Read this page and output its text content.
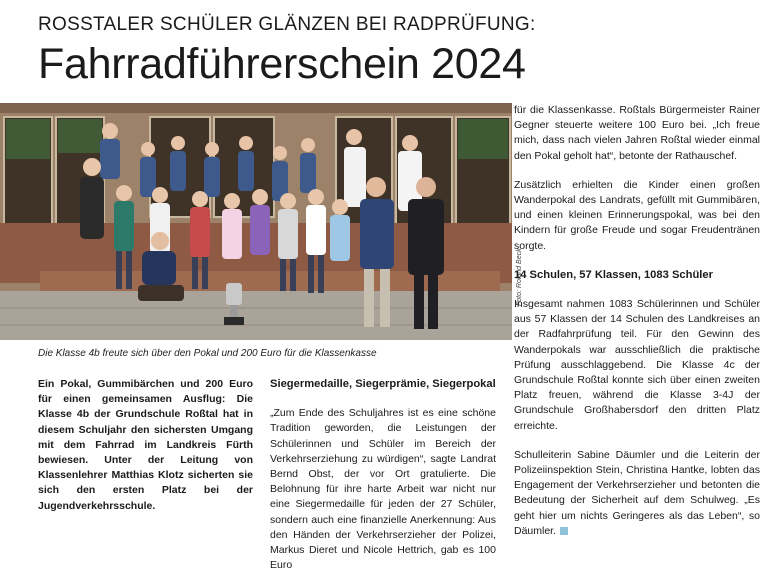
ROSSTALER SCHÜLER GLÄNZEN BEI RADPRÜFUNG:
Fahrradführerschein 2024
Foto: Roland Beck
Die Klasse 4b freute sich über den Pokal und 200 Euro für die Klassenkasse
Ein Pokal, Gummibärchen und 200 Euro für einen gemeinsamen Ausflug: Die Klasse 4b der Grundschule Roßtal hat in diesem Schuljahr den sichersten Umgang mit dem Fahrrad im Landkreis Fürth bewiesen. Unter der Leitung von Klassenlehrer Matthias Klotz sicherten sie sich den ersten Platz bei der Jugendverkehrsschule.

Siegermedaille, Siegerprämie, Siegerpokal

„Zum Ende des Schuljahres ist es eine schöne Tradition geworden, die Leistungen der Schülerinnen und Schüler im Bereich der Verkehrserziehung zu würdigen“, sagte Landrat Bernd Obst, der vor Ort gratulierte. Die Belohnung für ihre harte Arbeit war nicht nur eine Siegermedaille für jeden der 27 Schüler, sondern auch eine finanzielle Anerkennung: Aus den Händen der Verkehrserzieher der Polizei, Markus Dieret und Nicole Hettrich, gab es 100 Euro

für die Klassenkasse. Roßtals Bürgermeister Rainer Gegner steuerte weitere 100 Euro bei. „Ich freue mich, dass nach vielen Jahren Roßtal wieder einmal den Pokal geholt hat“, betonte der Rathauschef.

Zusätzlich erhielten die Kinder einen großen Wanderpokal des Landrats, gefüllt mit Gummibären, und einen kleinen Erinnerungspokal, was bei den Kindern für große Freude und sogar Freudentränen sorgte.

14 Schulen, 57 Klassen, 1083 Schüler

Insgesamt nahmen 1083 Schülerinnen und Schüler aus 57 Klassen der 14 Schulen des Landkreises an der Radfahrprüfung teil. Für den Gewinn des Wanderpokals war ausschließlich die praktische Prüfung ausschlaggebend. Die Klasse 4c der Grundschule Roßtal konnte sich über einen zweiten Platz freuen, während die Klasse 3-4J der Grundschule Großhabersdorf den dritten Platz erreichte.

Schulleiterin Sabine Däumler und die Leiterin der Polizeiinspektion Stein, Christina Hantke, lobten das Engagement der Verkehrserzieher und betonten die Bedeutung der Sicherheit auf dem Schulweg. „Es geht hier um nichts Geringeres als das Leben“, so Däumler.
